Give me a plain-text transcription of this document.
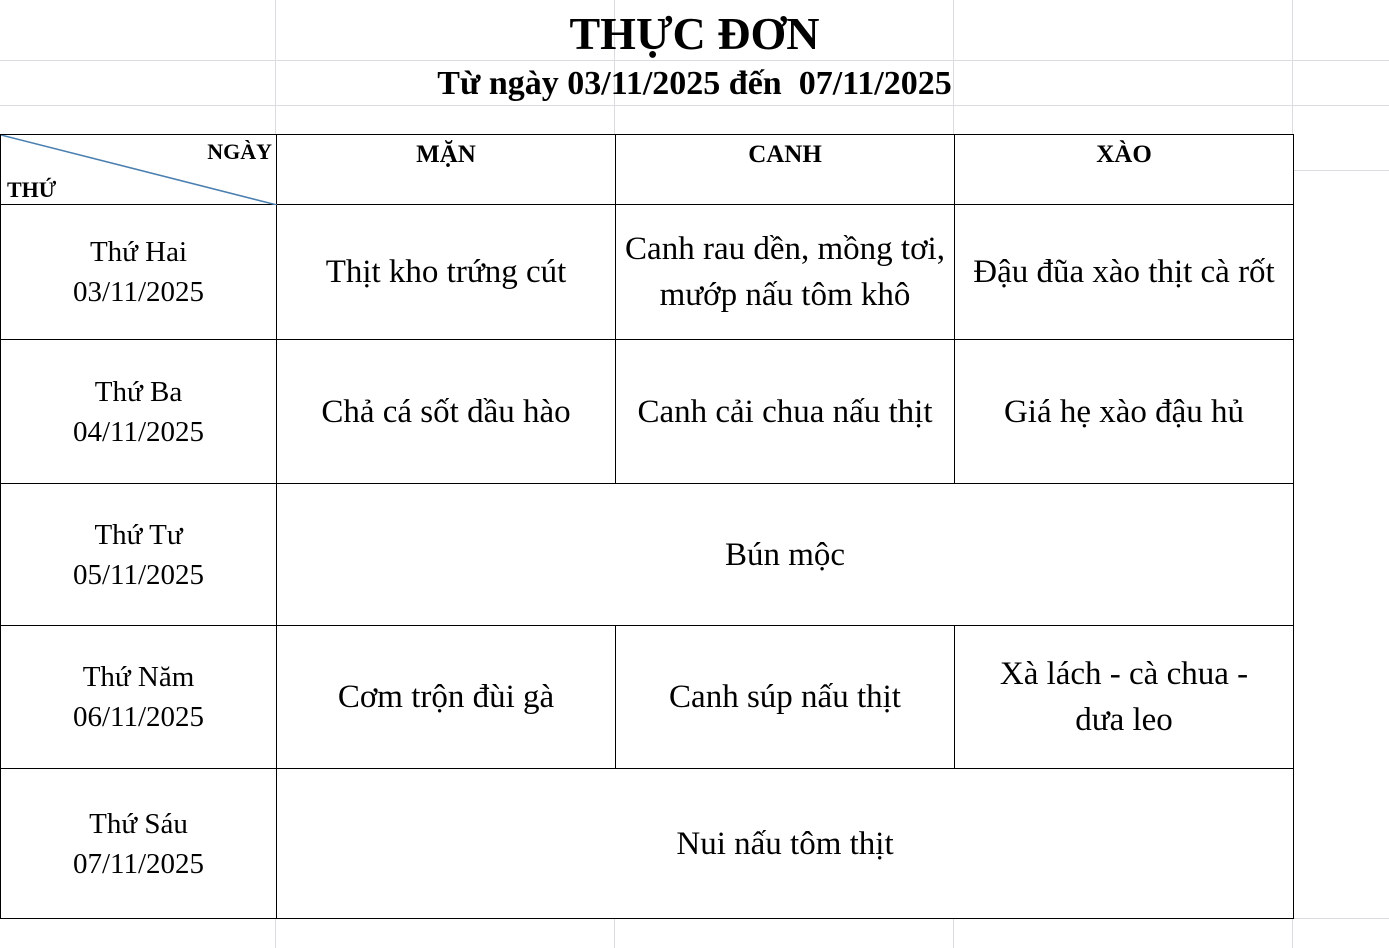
THỰC ĐƠN
Từ ngày 03/11/2025 đến  07/11/2025
NGÀY
THỨ	MẶN	CANH	XÀO

Thứ Hai
03/11/2025	Thịt kho trứng cút	Canh rau dền, mồng tơi, mướp nấu tôm khô	Đậu đũa xào thịt cà rốt

Thứ Ba
04/11/2025	Chả cá sốt dầu hào	Canh cải chua nấu thịt	Giá hẹ xào đậu hủ

Thứ Tư
05/11/2025	Bún mộc		

Thứ Năm
06/11/2025	Cơm trộn đùi gà	Canh súp nấu thịt	Xà lách - cà chua - dưa leo

Thứ Sáu
07/11/2025	Nui nấu tôm thịt		
